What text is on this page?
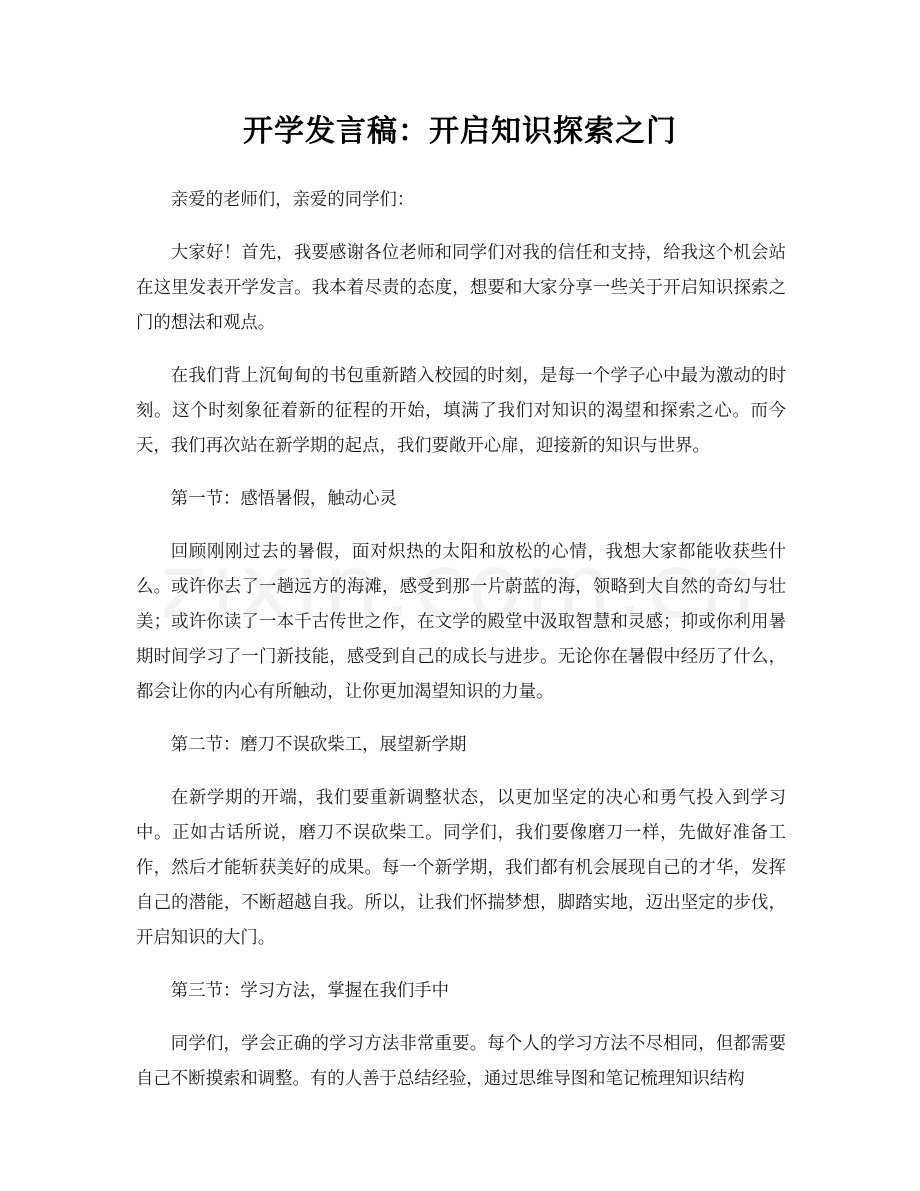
开学发言稿：开启知识探索之门

亲爱的老师们，亲爱的同学们：

大家好！首先，我要感谢各位老师和同学们对我的信任和支持，给我这个机会站在这里发表开学发言。我本着尽责的态度，想要和大家分享一些关于开启知识探索之门的想法和观点。

在我们背上沉甸甸的书包重新踏入校园的时刻，是每一个学子心中最为激动的时刻。这个时刻象征着新的征程的开始，填满了我们对知识的渴望和探索之心。而今天，我们再次站在新学期的起点，我们要敞开心扉，迎接新的知识与世界。

第一节：感悟暑假，触动心灵

回顾刚刚过去的暑假，面对炽热的太阳和放松的心情，我想大家都能收获些什么。或许你去了一趟远方的海滩，感受到那一片蔚蓝的海，领略到大自然的奇幻与壮美；或许你读了一本千古传世之作，在文学的殿堂中汲取智慧和灵感；抑或你利用暑期时间学习了一门新技能，感受到自己的成长与进步。无论你在暑假中经历了什么，都会让你的内心有所触动，让你更加渴望知识的力量。

第二节：磨刀不误砍柴工，展望新学期

在新学期的开端，我们要重新调整状态，以更加坚定的决心和勇气投入到学习中。正如古话所说，磨刀不误砍柴工。同学们，我们要像磨刀一样，先做好准备工作，然后才能斩获美好的成果。每一个新学期，我们都有机会展现自己的才华，发挥自己的潜能，不断超越自我。所以，让我们怀揣梦想，脚踏实地，迈出坚定的步伐，开启知识的大门。

第三节：学习方法，掌握在我们手中

同学们，学会正确的学习方法非常重要。每个人的学习方法不尽相同，但都需要自己不断摸索和调整。有的人善于总结经验，通过思维导图和笔记梳理知识结构
